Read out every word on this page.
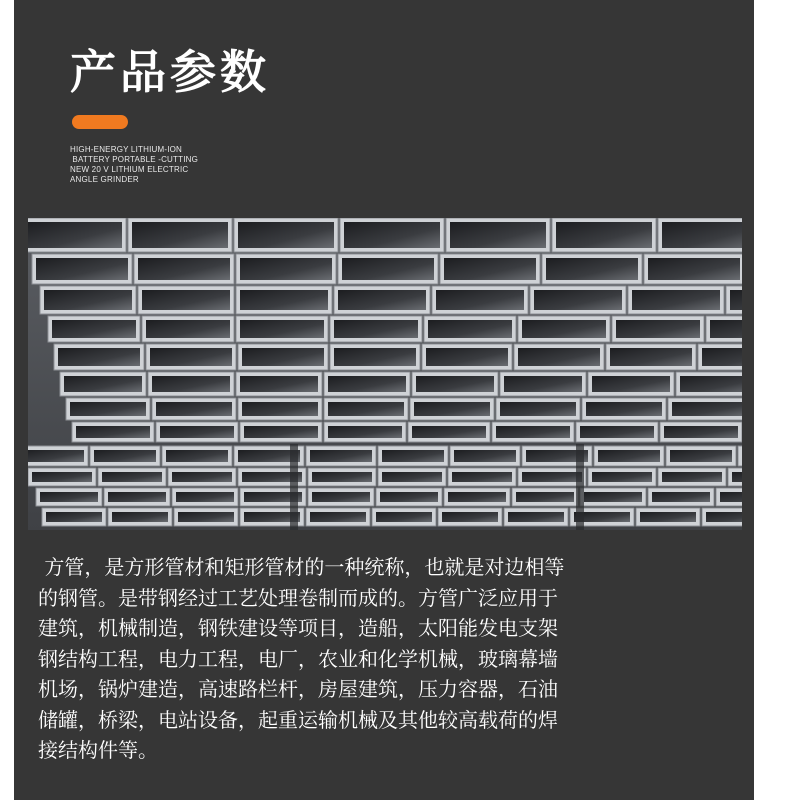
产品参数
HIGH-ENERGY LITHIUM-ION
BATTERY PORTABLE -CUTTING
NEW 20 V LITHIUM ELECTRIC
ANGLE GRINDER

方管，是方形管材和矩形管材的一种统称，也就是对边相等
的钢管。是带钢经过工艺处理卷制而成的。方管广泛应用于
建筑，机械制造，钢铁建设等项目，造船，太阳能发电支架
钢结构工程，电力工程，电厂，农业和化学机械，玻璃幕墙
机场，锅炉建造，高速路栏杆，房屋建筑，压力容器，石油
储罐，桥梁，电站设备，起重运输机械及其他较高载荷的焊
接结构件等。
